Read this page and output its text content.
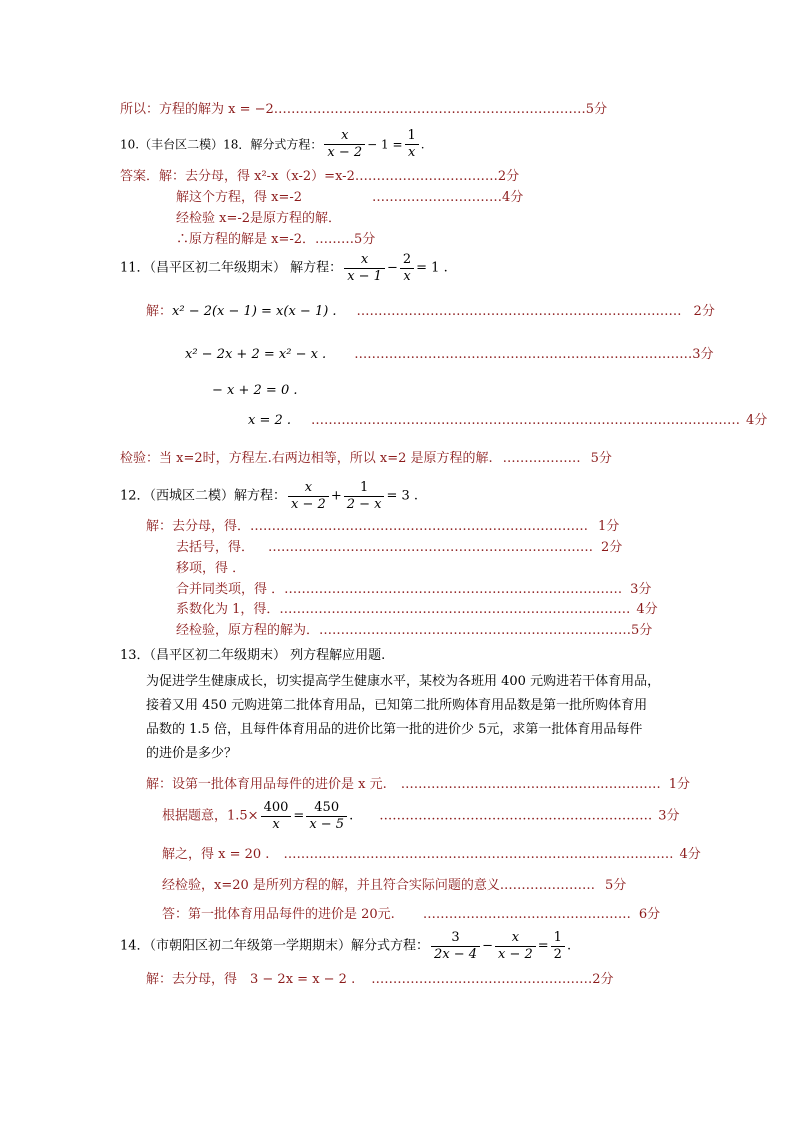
所以：方程的解为 x = −2………………………………………………………………5分
10.（丰台区二模）18．解分式方程： $\frac{x}{x - 2} - 1 = \frac{1}{x}$ .
答案．解：去分母，得 x²-x（x-2）=x-2……………………………2分
解这个方程，得 x=-2	…………………………4分
经检验 x=-2是原方程的解．
∴原方程的解是 x=-2．………5分
11．（昌平区初二年级期末） 解方程： $\frac{x}{x - 1} - \frac{2}{x} = 1$ .
解：x² − 2(x − 1) = x(x − 1) . ………………………………………………………………… 2分
x² − 2x + 2 = x² − x . ……………………………………………………………………3分
− x + 2 = 0 .
x = 2 . ……………………………………………………………………………………… 4分
检验：当 x=2时，方程左.右两边相等，所以 x=2 是原方程的解. ……………… 5分
12．（西城区二模）解方程： $\frac{x}{x - 2} + \frac{1}{2 - x} = 3$ .
解：去分母，得．…………………………………………………………………… 1分
去括号，得． ………………………………………………………………… 2分
移项，得 ．
合并同类项，得 ．…………………………………………………………………… 3分
系数化为 1，得．……………………………………………………………………… 4分
经检验，原方程的解为．………………………………………………………………5分
13．（昌平区初二年级期末） 列方程解应用题.
为促进学生健康成长，切实提高学生健康水平，某校为各班用 400 元购进若干体育用品，
接着又用 450 元购进第二批体育用品，已知第二批所购体育用品数是第一批所购体育用
品数的 1.5 倍，且每件体育用品的进价比第一批的进价少 5元，求第一批体育用品每件
的进价是多少？
解：设第一批体育用品每件的进价是 x 元. …………………………………………………… 1分
根据题意，$1.5\times \frac{400}{x} = \frac{450}{x - 5}$ . ……………………………………………………… 3分
解之，得 x = 20 . ……………………………………………………………………………… 4分
经检验，x=20 是所列方程的解，并且符合实际问题的意义.………………… 5分
答：第一批体育用品每件的进价是 20元. ………………………………………… 6分
14．（市朝阳区初二年级第一学期期末）解分式方程： $\frac{3}{2x - 4} - \frac{x}{x - 2} = \frac{1}{2}$ .
解：去分母，得　3 − 2x = x − 2 . ……………………………………………2分
